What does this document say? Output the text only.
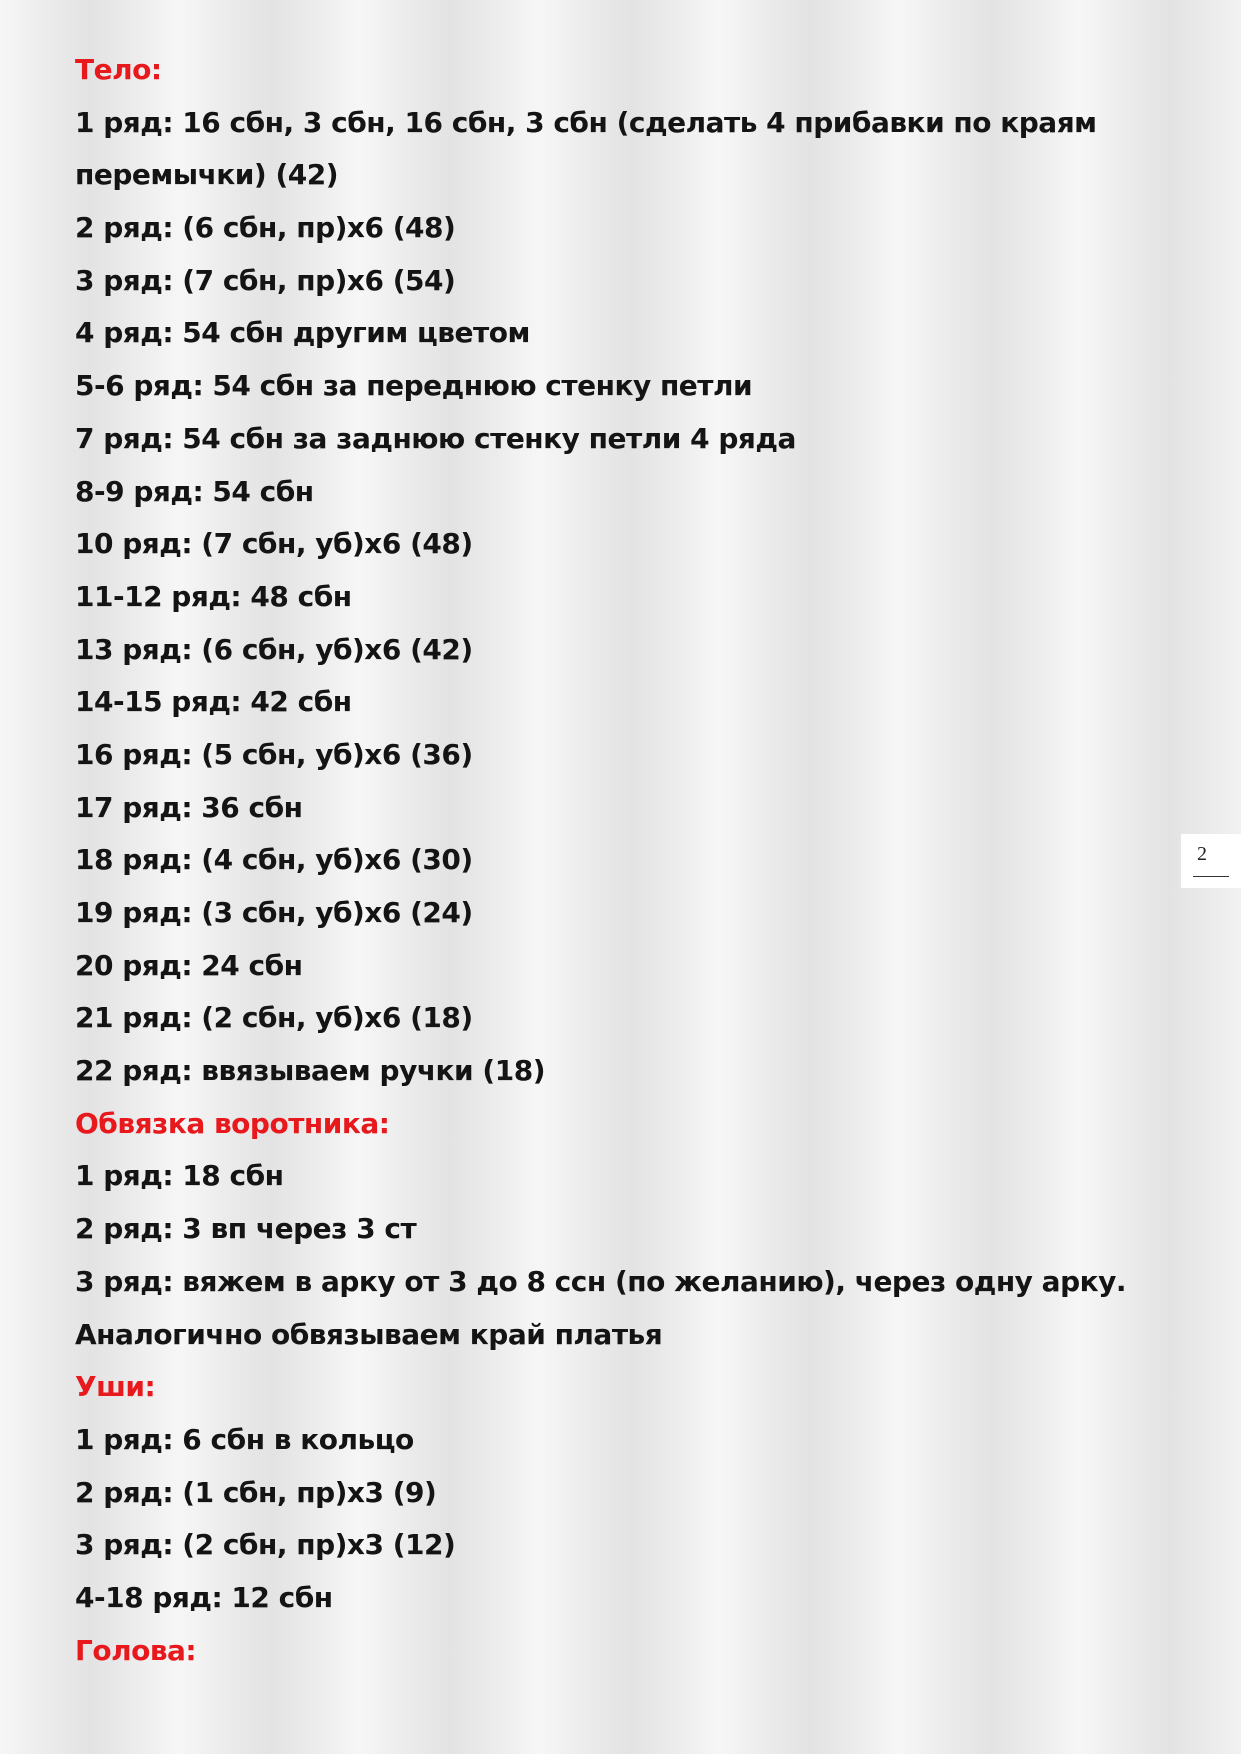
Тело:
1 ряд: 16 сбн, 3 сбн, 16 сбн, 3 сбн (сделать 4 прибавки по краям
перемычки) (42)
2 ряд: (6 сбн, пр)х6 (48)
3 ряд: (7 сбн, пр)х6 (54)
4 ряд: 54 сбн другим цветом
5-6 ряд: 54 сбн за переднюю стенку петли
7 ряд: 54 сбн за заднюю стенку петли 4 ряда
8-9 ряд: 54 сбн
10 ряд: (7 сбн, уб)х6 (48)
11-12 ряд: 48 сбн
13 ряд: (6 сбн, уб)х6 (42)
14-15 ряд: 42 сбн
16 ряд: (5 сбн, уб)х6 (36)
17 ряд: 36 сбн
18 ряд: (4 сбн, уб)х6 (30)
19 ряд: (3 сбн, уб)х6 (24)
20 ряд: 24 сбн
21 ряд: (2 сбн, уб)х6 (18)
22 ряд: ввязываем ручки (18)
Обвязка воротника:
1 ряд: 18 сбн
2 ряд: 3 вп через 3 ст
3 ряд: вяжем в арку от 3 до 8 ссн (по желанию), через одну арку.
Аналогично обвязываем край платья
Уши:
1 ряд: 6 сбн в кольцо
2 ряд: (1 сбн, пр)х3 (9)
3 ряд: (2 сбн, пр)х3 (12)
4-18 ряд: 12 сбн
Голова:
2
